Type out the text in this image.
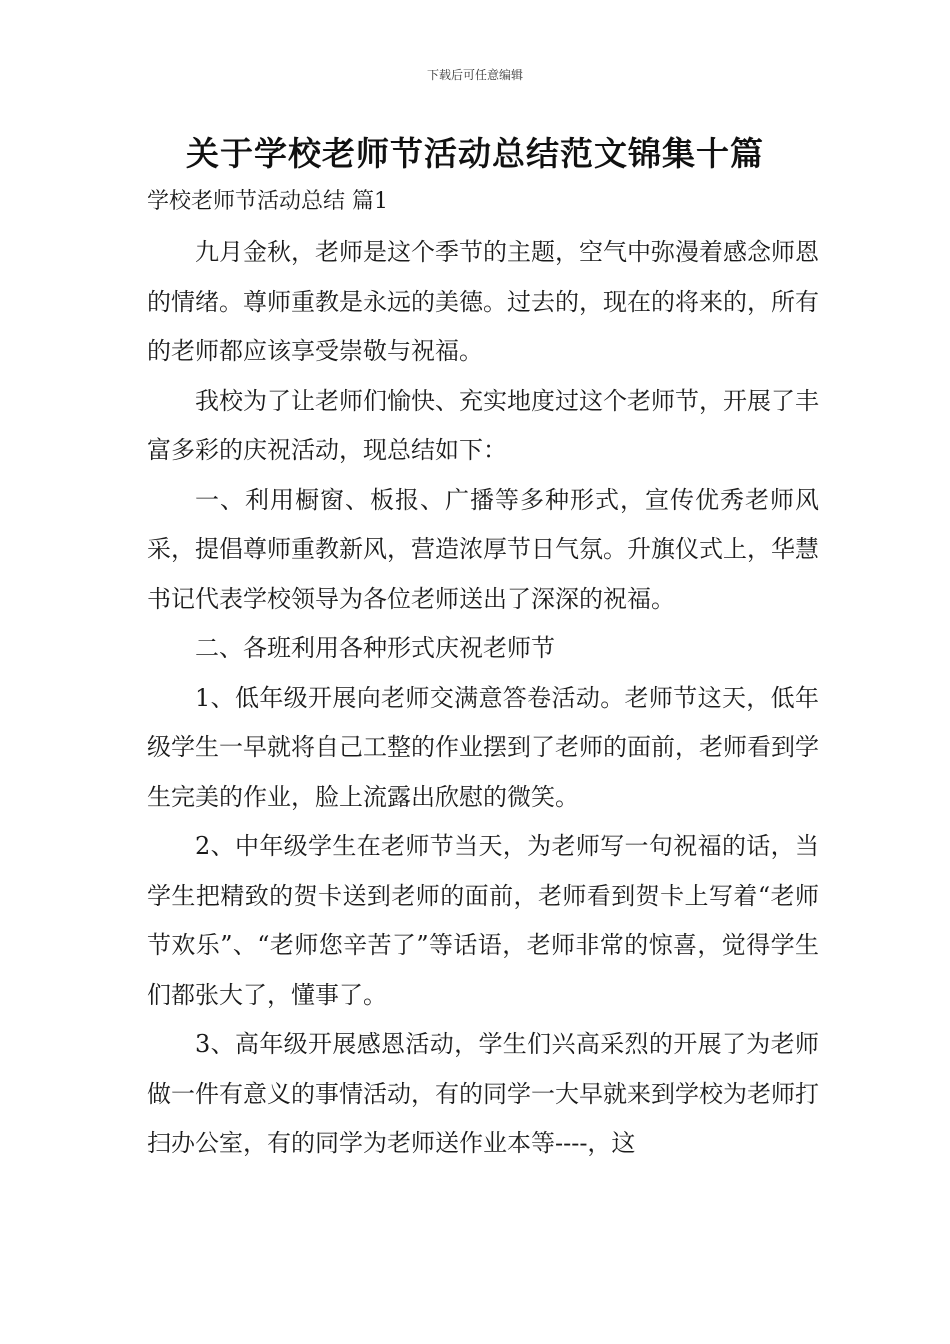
下载后可任意编辑
关于学校老师节活动总结范文锦集十篇
学校老师节活动总结 篇1

九月金秋，老师是这个季节的主题，空气中弥漫着感念师恩的情绪。尊师重教是永远的美德。过去的，现在的将来的，所有的老师都应该享受崇敬与祝福。

我校为了让老师们愉快、充实地度过这个老师节，开展了丰富多彩的庆祝活动，现总结如下：

一、利用橱窗、板报、广播等多种形式，宣传优秀老师风采，提倡尊师重教新风，营造浓厚节日气氛。升旗仪式上，华慧书记代表学校领导为各位老师送出了深深的祝福。

二、各班利用各种形式庆祝老师节

1、低年级开展向老师交满意答卷活动。老师节这天，低年级学生一早就将自己工整的作业摆到了老师的面前，老师看到学生完美的作业，脸上流露出欣慰的微笑。

2、中年级学生在老师节当天，为老师写一句祝福的话，当学生把精致的贺卡送到老师的面前，老师看到贺卡上写着“老师节欢乐”、“老师您辛苦了”等话语，老师非常的惊喜，觉得学生们都张大了，懂事了。

3、高年级开展感恩活动，学生们兴高采烈的开展了为老师做一件有意义的事情活动，有的同学一大早就来到学校为老师打扫办公室，有的同学为老师送作业本等----，这
